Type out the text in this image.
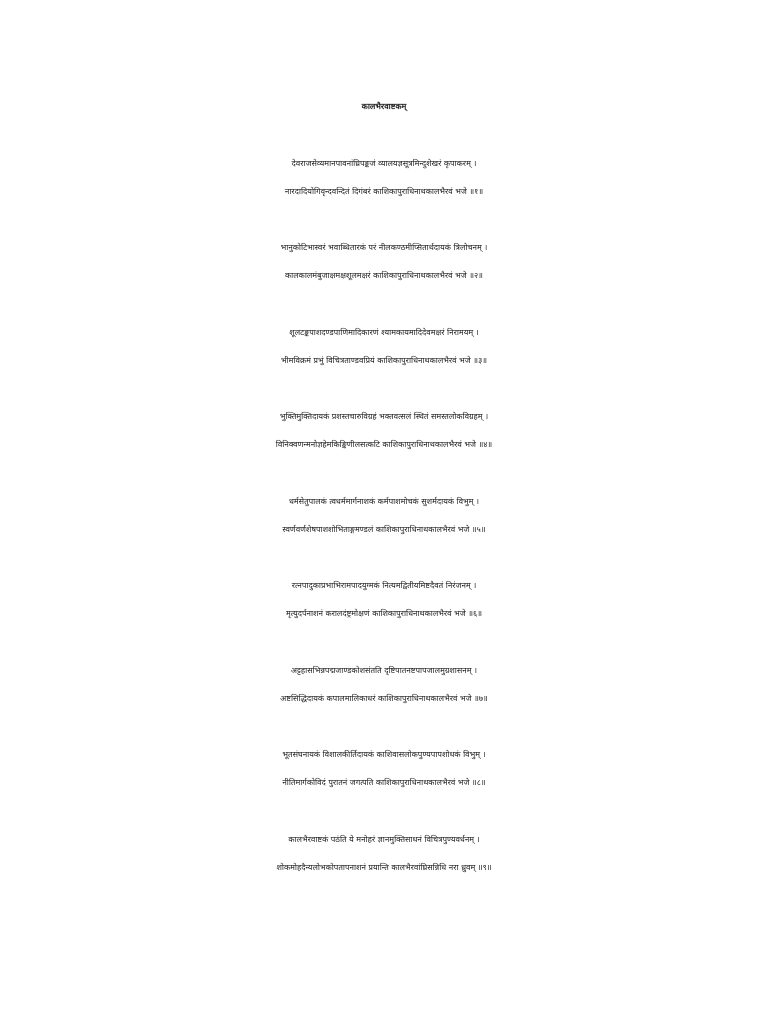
कालभैरवाष्टकम्
देवराजसेव्यमानपावनांघ्रिपङ्कजं व्यालयज्ञसूत्रमिन्दुशेखरं कृपाकरम् ।
नारदादियोगिवृन्दवन्दितं दिगंबरं काशिकापुराधिनाथकालभैरवं भजे ॥१॥
भानुकोटिभास्वरं भवाब्धितारकं परं नीलकण्ठमीप्सितार्थदायकं त्रिलोचनम् ।
कालकालमंबुजाक्षमक्षशूलमक्षरं काशिकापुराधिनाथकालभैरवं भजे ॥२॥
शूलटङ्कपाशदण्डपाणिमादिकारणं श्यामकायमादिदेवमक्षरं निरामयम् ।
भीमविक्रमं प्रभुं विचित्रताण्डवप्रियं काशिकापुराधिनाथकालभैरवं भजे ॥३॥
भुक्तिमुक्तिदायकं प्रशस्तचारुविग्रहं भक्तवत्सलं स्थितं समस्तलोकविग्रहम् ।
विनिक्वणन्मनोज्ञहेमकिङ्किणीलसत्कटि काशिकापुराधिनाथकालभैरवं भजे ॥४॥
धर्मसेतुपालकं त्वधर्ममार्गनाशकं कर्मपाशमोचकं सुशर्मदायकं विभुम् ।
स्वर्णवर्णशेषपाशशोभिताङ्गमण्डलं काशिकापुराधिनाथकालभैरवं भजे ॥५॥
रत्नपादुकाप्रभाभिरामपादयुग्मकं नित्यमद्वितीयमिष्टदैवतं निरंजनम् ।
मृत्युदर्पनाशनं करालदंष्ट्रमोक्षणं काशिकापुराधिनाथकालभैरवं भजे ॥६॥
अट्टहासभिन्नपद्मजाण्डकोशसंतति दृष्टिपातनष्टपापजालमुग्रशासनम् ।
अष्टसिद्धिदायकं कपालमालिकाधरं काशिकापुराधिनाथकालभैरवं भजे ॥७॥
भूतसंघनायकं विशालकीर्तिदायकं काशिवासलोकपुण्यपापशोधकं विभुम् ।
नीतिमार्गकोविदं पुरातनं जगत्पति काशिकापुराधिनाथकालभैरवं भजे ॥८॥
कालभैरवाष्टकं पठंति ये मनोहरं ज्ञानमुक्तिसाधनं विचित्रपुण्यवर्धनम् ।
शोकमोहदैन्यलोभकोपतापनाशनं प्रयान्ति कालभैरवांघ्रिसन्निधि नरा ध्रुवम् ॥९॥
